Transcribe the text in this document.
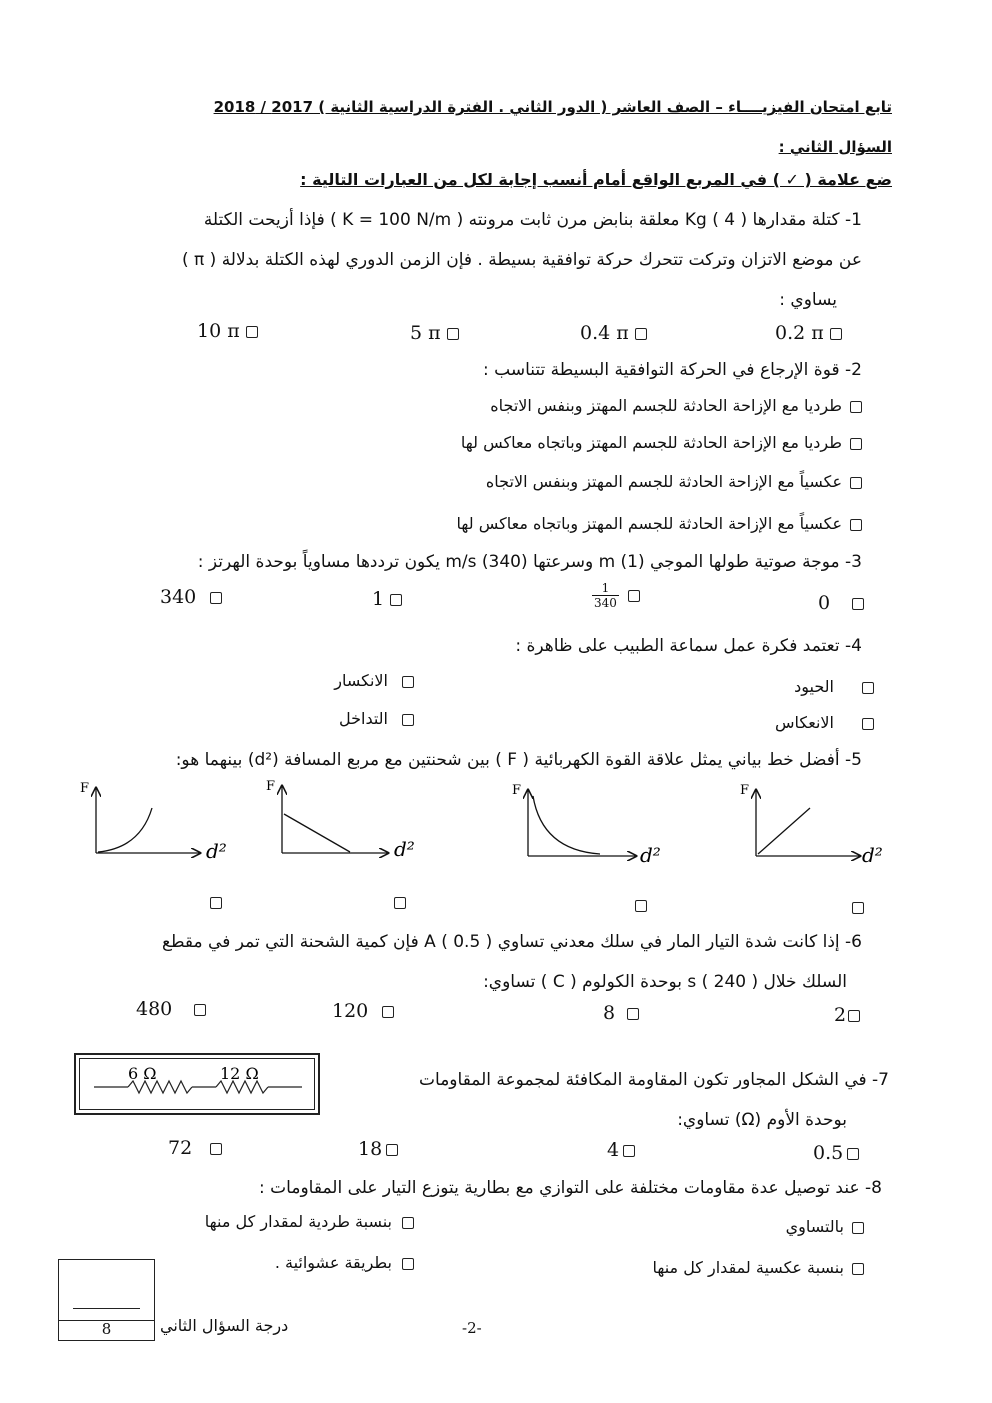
تابع امتحان الفيزيــــاء – الصف العاشر ( الدور الثاني . الفترة الدراسية الثانية ) 2017 / 2018
السؤال الثاني :
ضع علامة ( ✓ ) في المربع الواقع أمام أنسب إجابة لكل من العبارات التالية :
1- كتلة مقدارها Kg ( 4 ) معلقة بنابض مرن ثابت مرونته ( K = 100 N/m ) فإذا أزيحت الكتلة
عن موضع الاتزان وتركت تتحرك حركة توافقية بسيطة . فإن الزمن الدوري لهذه الكتلة بدلالة ( π )
يساوي :
0.2 π
0.4 π
5 π
10 π
2- قوة الإرجاع في الحركة التوافقية البسيطة تتناسب :
طرديا مع الإزاحة الحادثة للجسم المهتز وبنفس الاتجاه
طرديا مع الإزاحة الحادثة للجسم المهتز وباتجاه معاكس لها
عكسياً مع الإزاحة الحادثة للجسم المهتز وبنفس الاتجاه
عكسياً مع الإزاحة الحادثة للجسم المهتز وباتجاه معاكس لها
3- موجة صوتية طولها الموجي m (1) وسرعتها m/s (340) يكون ترددها مساوياً بوحدة الهرتز :
0
$\frac{1}{340}$

1
340
4- تعتمد فكرة عمل سماعة الطبيب على ظاهرة :
الحيود
الانكسار
الانعكاس
التداخل
5- أفضل خط بياني يمثل علاقة القوة الكهربائية ( F ) بين شحنتين مع مربع المسافة (d²) بينهما هو:
F
d²
F
d²
F
d²
F
d²
6- إذا كانت شدة التيار المار في سلك معدني تساوي A ( 0.5 ) فإن كمية الشحنة التي تمر في مقطع
السلك خلال s ( 240 ) بوحدة الكولوم ( C ) تساوي:
2
8
120
480
6 Ω	12 Ω	7- في الشكل المجاور تكون المقاومة المكافئة لمجموعة المقاومات
بوحدة الأوم (Ω) تساوي:
0.5
4
18
72
8- عند توصيل عدة مقاومات مختلفة على التوازي مع بطارية يتوزع التيار على المقاومات :
بالتساوي
بنسبة طردية لمقدار كل منها
بنسبة عكسية لمقدار كل منها
بطريقة عشوائية .
8	درجة السؤال الثاني	-2-
